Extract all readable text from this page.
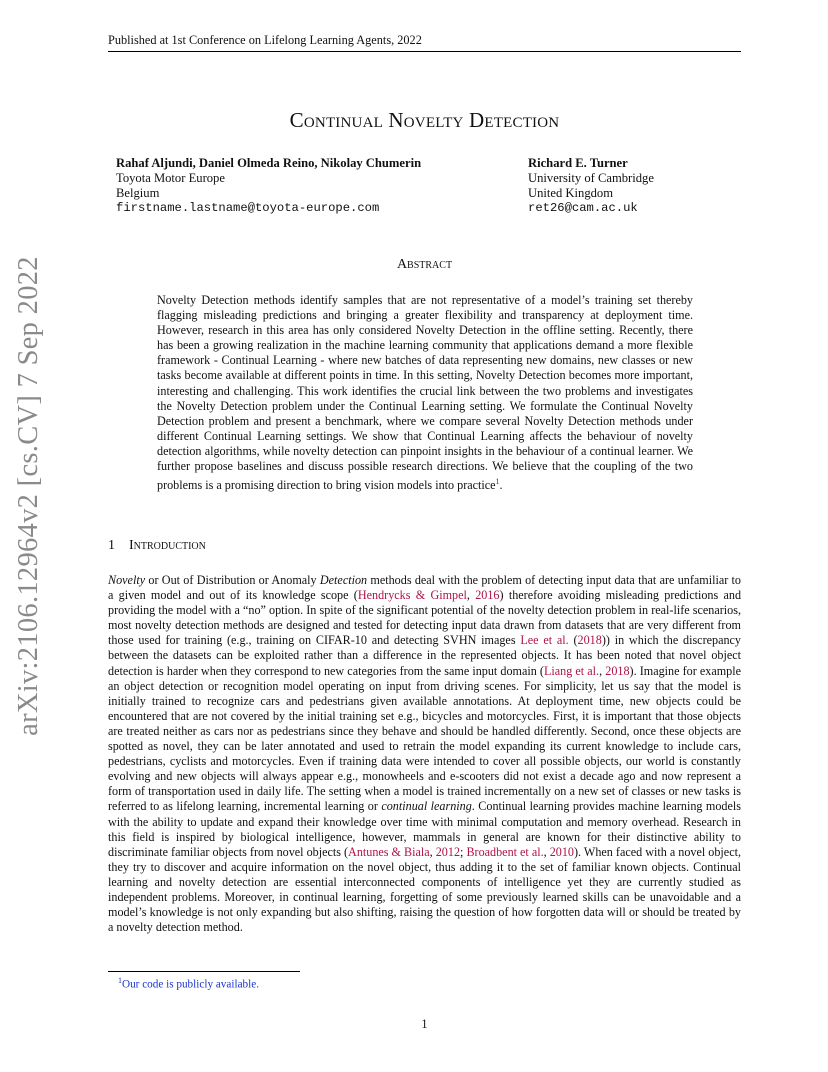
Published at 1st Conference on Lifelong Learning Agents, 2022
Continual Novelty Detection
Rahaf Aljundi, Daniel Olmeda Reino, Nikolay Chumerin
Toyota Motor Europe
Belgium
firstname.lastname@toyota-europe.com
Richard E. Turner
University of Cambridge
United Kingdom
ret26@cam.ac.uk
Abstract
Novelty Detection methods identify samples that are not representative of a model’s training set thereby flagging misleading predictions and bringing a greater flexibility and transparency at deployment time. However, research in this area has only considered Novelty Detection in the offline setting. Recently, there has been a growing realization in the machine learning community that applications demand a more flexible framework - Continual Learning - where new batches of data representing new domains, new classes or new tasks become available at different points in time. In this setting, Novelty Detection becomes more important, interesting and challenging. This work identifies the crucial link between the two problems and investigates the Novelty Detection problem under the Continual Learning setting. We formulate the Continual Novelty Detection problem and present a benchmark, where we compare several Novelty Detection methods under different Continual Learning settings. We show that Continual Learning affects the behaviour of novelty detection algorithms, while novelty detection can pinpoint insights in the behaviour of a continual learner. We further propose baselines and discuss possible research directions. We believe that the coupling of the two problems is a promising direction to bring vision models into practice$^1$.
arXiv:2106.12964v2 [cs.CV] 7 Sep 2022	1 Introduction
Novelty or Out of Distribution or Anomaly Detection methods deal with the problem of detecting input data that are unfamiliar to a given model and out of its knowledge scope (Hendrycks & Gimpel, 2016) therefore avoiding misleading predictions and providing the model with a “no” option. In spite of the significant potential of the novelty detection problem in real-life scenarios, most novelty detection methods are designed and tested for detecting input data drawn from datasets that are very different from those used for training (e.g., training on CIFAR-10 and detecting SVHN images Lee et al. (2018)) in which the discrepancy between the datasets can be exploited rather than a difference in the represented objects. It has been noted that novel object detection is harder when they correspond to new categories from the same input domain (Liang et al., 2018). Imagine for example an object detection or recognition model operating on input from driving scenes. For simplicity, let us say that the model is initially trained to recognize cars and pedestrians given available annotations. At deployment time, new objects could be encountered that are not covered by the initial training set e.g., bicycles and motorcycles. First, it is important that those objects are treated neither as cars nor as pedestrians since they behave and should be handled differently. Second, once these objects are spotted as novel, they can be later annotated and used to retrain the model expanding its current knowledge to include cars, pedestrians, cyclists and motorcycles. Even if training data were intended to cover all possible objects, our world is constantly evolving and new objects will always appear e.g., monowheels and e-scooters did not exist a decade ago and now represent a form of transportation used in daily life. The setting when a model is trained incrementally on a new set of classes or new tasks is referred to as lifelong learning, incremental learning or continual learning. Continual learning provides machine learning models with the ability to update and expand their knowledge over time with minimal computation and memory overhead. Research in this field is inspired by biological intelligence, however, mammals in general are known for their distinctive ability to discriminate familiar objects from novel objects (Antunes & Biala, 2012; Broadbent et al., 2010). When faced with a novel object, they try to discover and acquire information on the novel object, thus adding it to the set of familiar known objects. Continual learning and novelty detection are essential interconnected components of intelligence yet they are currently studied as independent problems. Moreover, in continual learning, forgetting of some previously learned skills can be unavoidable and a model’s knowledge is not only expanding but also shifting, raising the question of how forgotten data will or should be treated by a novelty detection method.
$^1$Our code is publicly available.
1
